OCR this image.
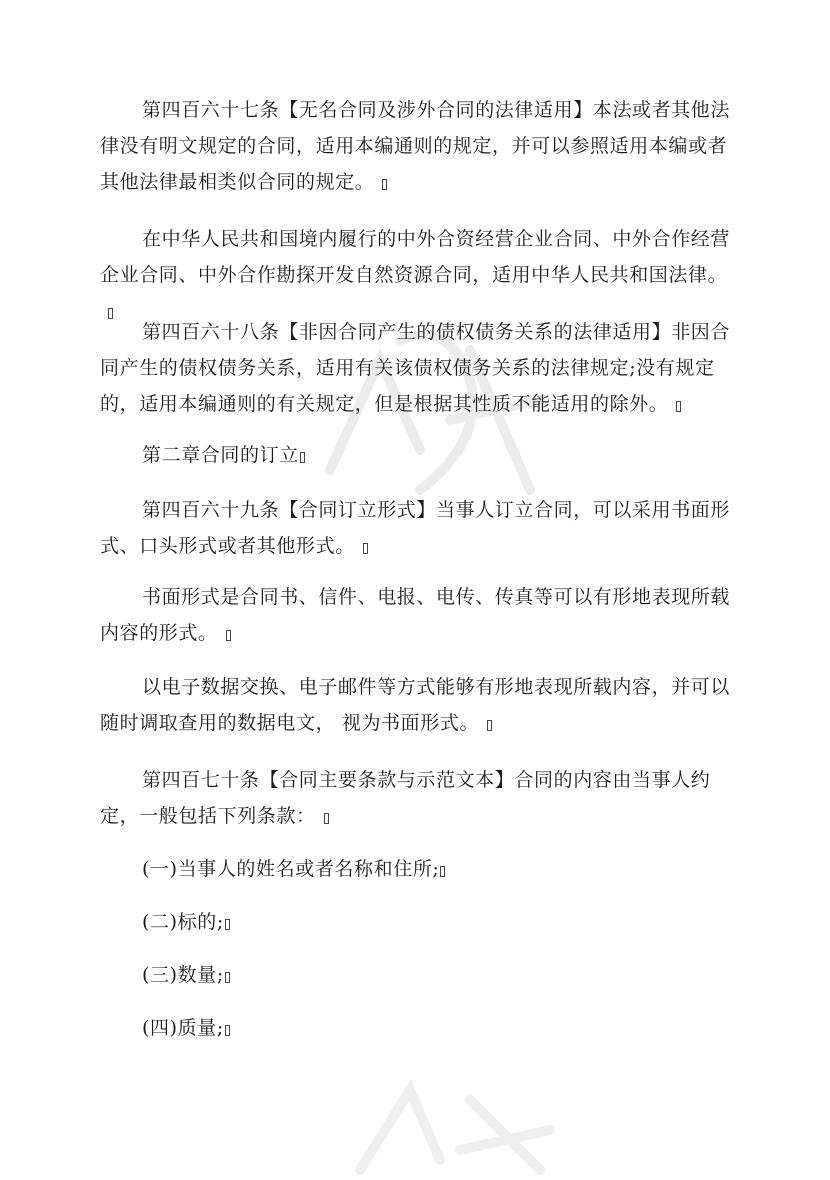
第四百六十七条【无名合同及涉外合同的法律适用】本法或者其他法律没有明文规定的合同，适用本编通则的规定，并可以参照适用本编或者其他法律最相类似合同的规定。

在中华人民共和国境内履行的中外合资经营企业合同、中外合作经营企业合同、中外合作勘探开发自然资源合同，适用中华人民共和国法律。

第四百六十八条【非因合同产生的债权债务关系的法律适用】非因合同产生的债权债务关系，适用有关该债权债务关系的法律规定;没有规定的，适用本编通则的有关规定，但是根据其性质不能适用的除外。

第二章合同的订立

第四百六十九条【合同订立形式】当事人订立合同，可以采用书面形式、口头形式或者其他形式。

书面形式是合同书、信件、电报、电传、传真等可以有形地表现所载内容的形式。

以电子数据交换、电子邮件等方式能够有形地表现所载内容，并可以随时调取查用的数据电文， 视为书面形式。

第四百七十条【合同主要条款与示范文本】合同的内容由当事人约定，一般包括下列条款：

(一)当事人的姓名或者名称和住所;

(二)标的;

(三)数量;

(四)质量;
